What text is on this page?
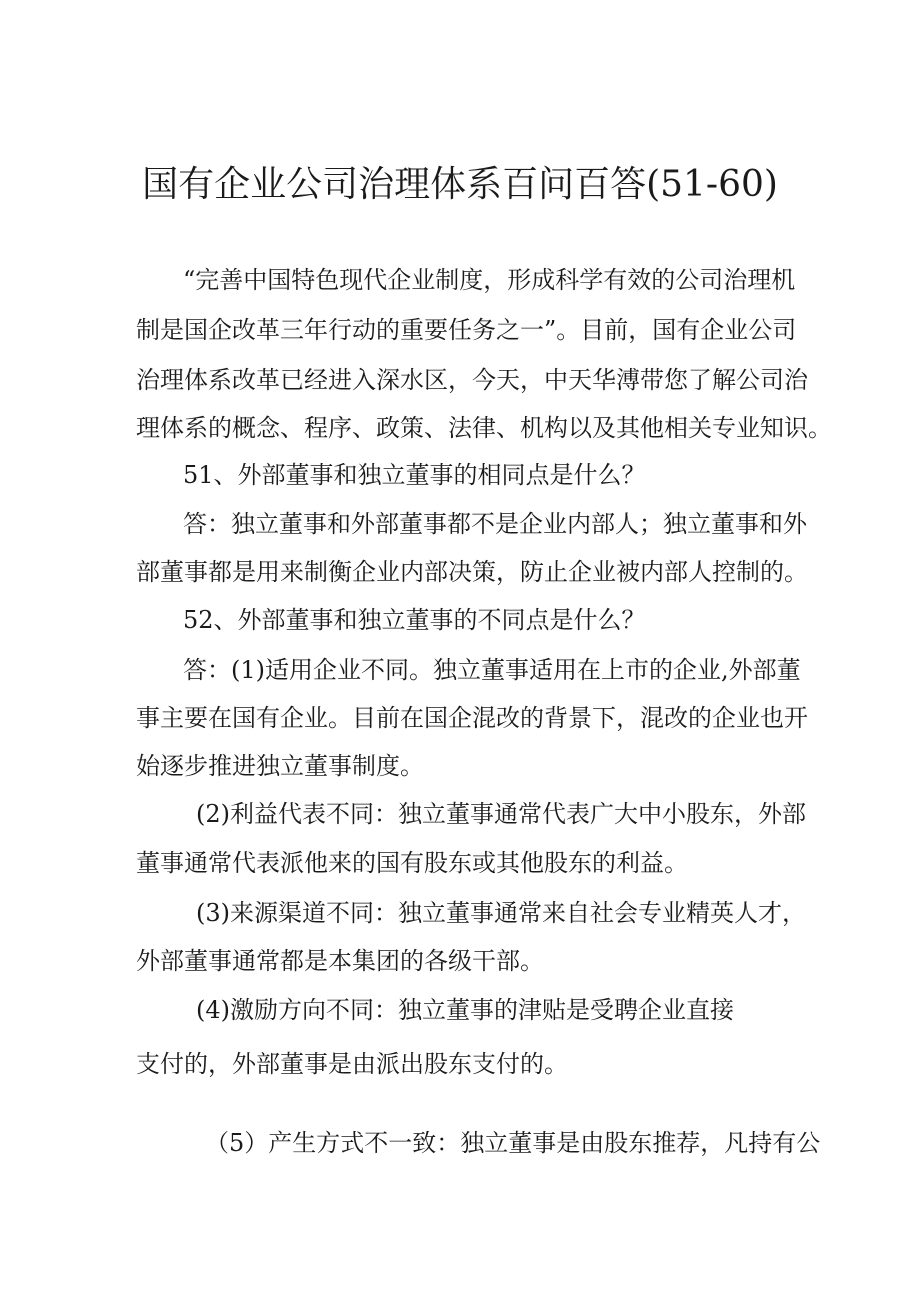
国有企业公司治理体系百问百答(51-60)
“完善中国特色现代企业制度，形成科学有效的公司治理机
制是国企改革三年行动的重要任务之一”。目前，国有企业公司
治理体系改革已经进入深水区，今天，中天华溥带您了解公司治
理体系的概念、程序、政策、法律、机构以及其他相关专业知识。
51、外部董事和独立董事的相同点是什么？
答：独立董事和外部董事都不是企业内部人；独立董事和外
部董事都是用来制衡企业内部决策，防止企业被内部人控制的。
52、外部董事和独立董事的不同点是什么？
答：(1)适用企业不同。独立董事适用在上市的企业,外部董
事主要在国有企业。目前在国企混改的背景下，混改的企业也开
始逐步推进独立董事制度。
(2)利益代表不同：独立董事通常代表广大中小股东，外部
董事通常代表派他来的国有股东或其他股东的利益。
(3)来源渠道不同：独立董事通常来自社会专业精英人才，
外部董事通常都是本集团的各级干部。
(4)激励方向不同：独立董事的津贴是受聘企业直接
支付的，外部董事是由派出股东支付的。
（5）产生方式不一致：独立董事是由股东推荐，凡持有公
